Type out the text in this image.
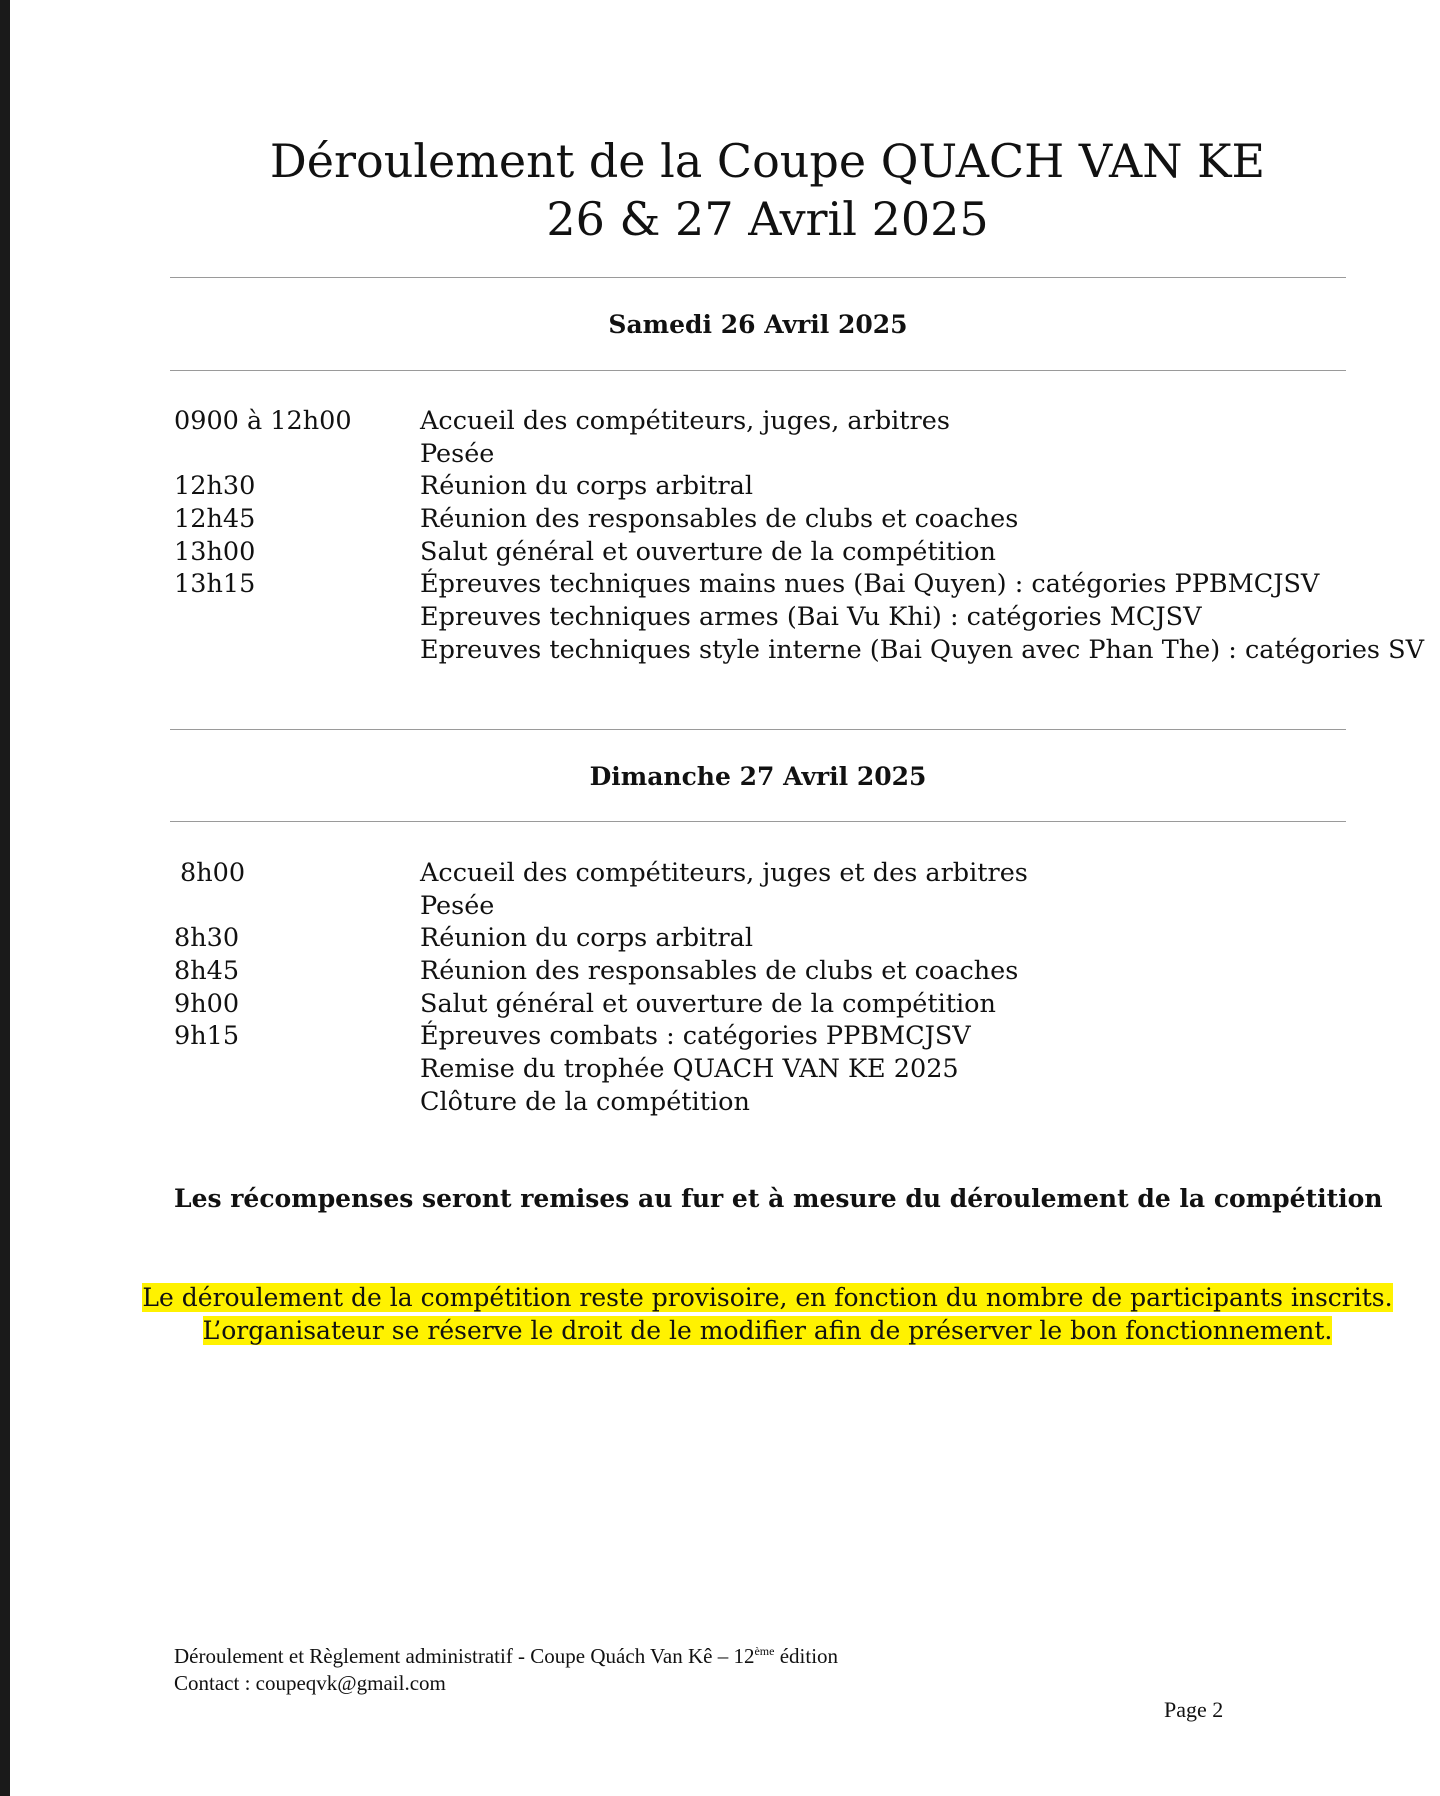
Déroulement de la Coupe QUACH VAN KE
26 & 27 Avril 2025
Samedi 26 Avril 2025
0900 à 12h00	Accueil des compétiteurs, juges, arbitres
Pesée
12h30	Réunion du corps arbitral
12h45	Réunion des responsables de clubs et coaches
13h00	Salut général et ouverture de la compétition
13h15	Épreuves techniques mains nues (Bai Quyen) : catégories PPBMCJSV
Epreuves techniques armes (Bai Vu Khi) : catégories MCJSV
Epreuves techniques style interne (Bai Quyen avec Phan The) : catégories SV
Dimanche 27 Avril 2025
8h00	Accueil des compétiteurs, juges et des arbitres
Pesée
8h30	Réunion du corps arbitral
8h45	Réunion des responsables de clubs et coaches
9h00	Salut général et ouverture de la compétition
9h15	Épreuves combats : catégories PPBMCJSV
Remise du trophée QUACH VAN KE 2025
Clôture de la compétition
Les récompenses seront remises au fur et à mesure du déroulement de la compétition
Le déroulement de la compétition reste provisoire, en fonction du nombre de participants inscrits.
L’organisateur se réserve le droit de le modifier afin de préserver le bon fonctionnement.
Déroulement et Règlement administratif - Coupe Quách Van Kê – 12ème édition
Contact : coupeqvk@gmail.com
Page 2
